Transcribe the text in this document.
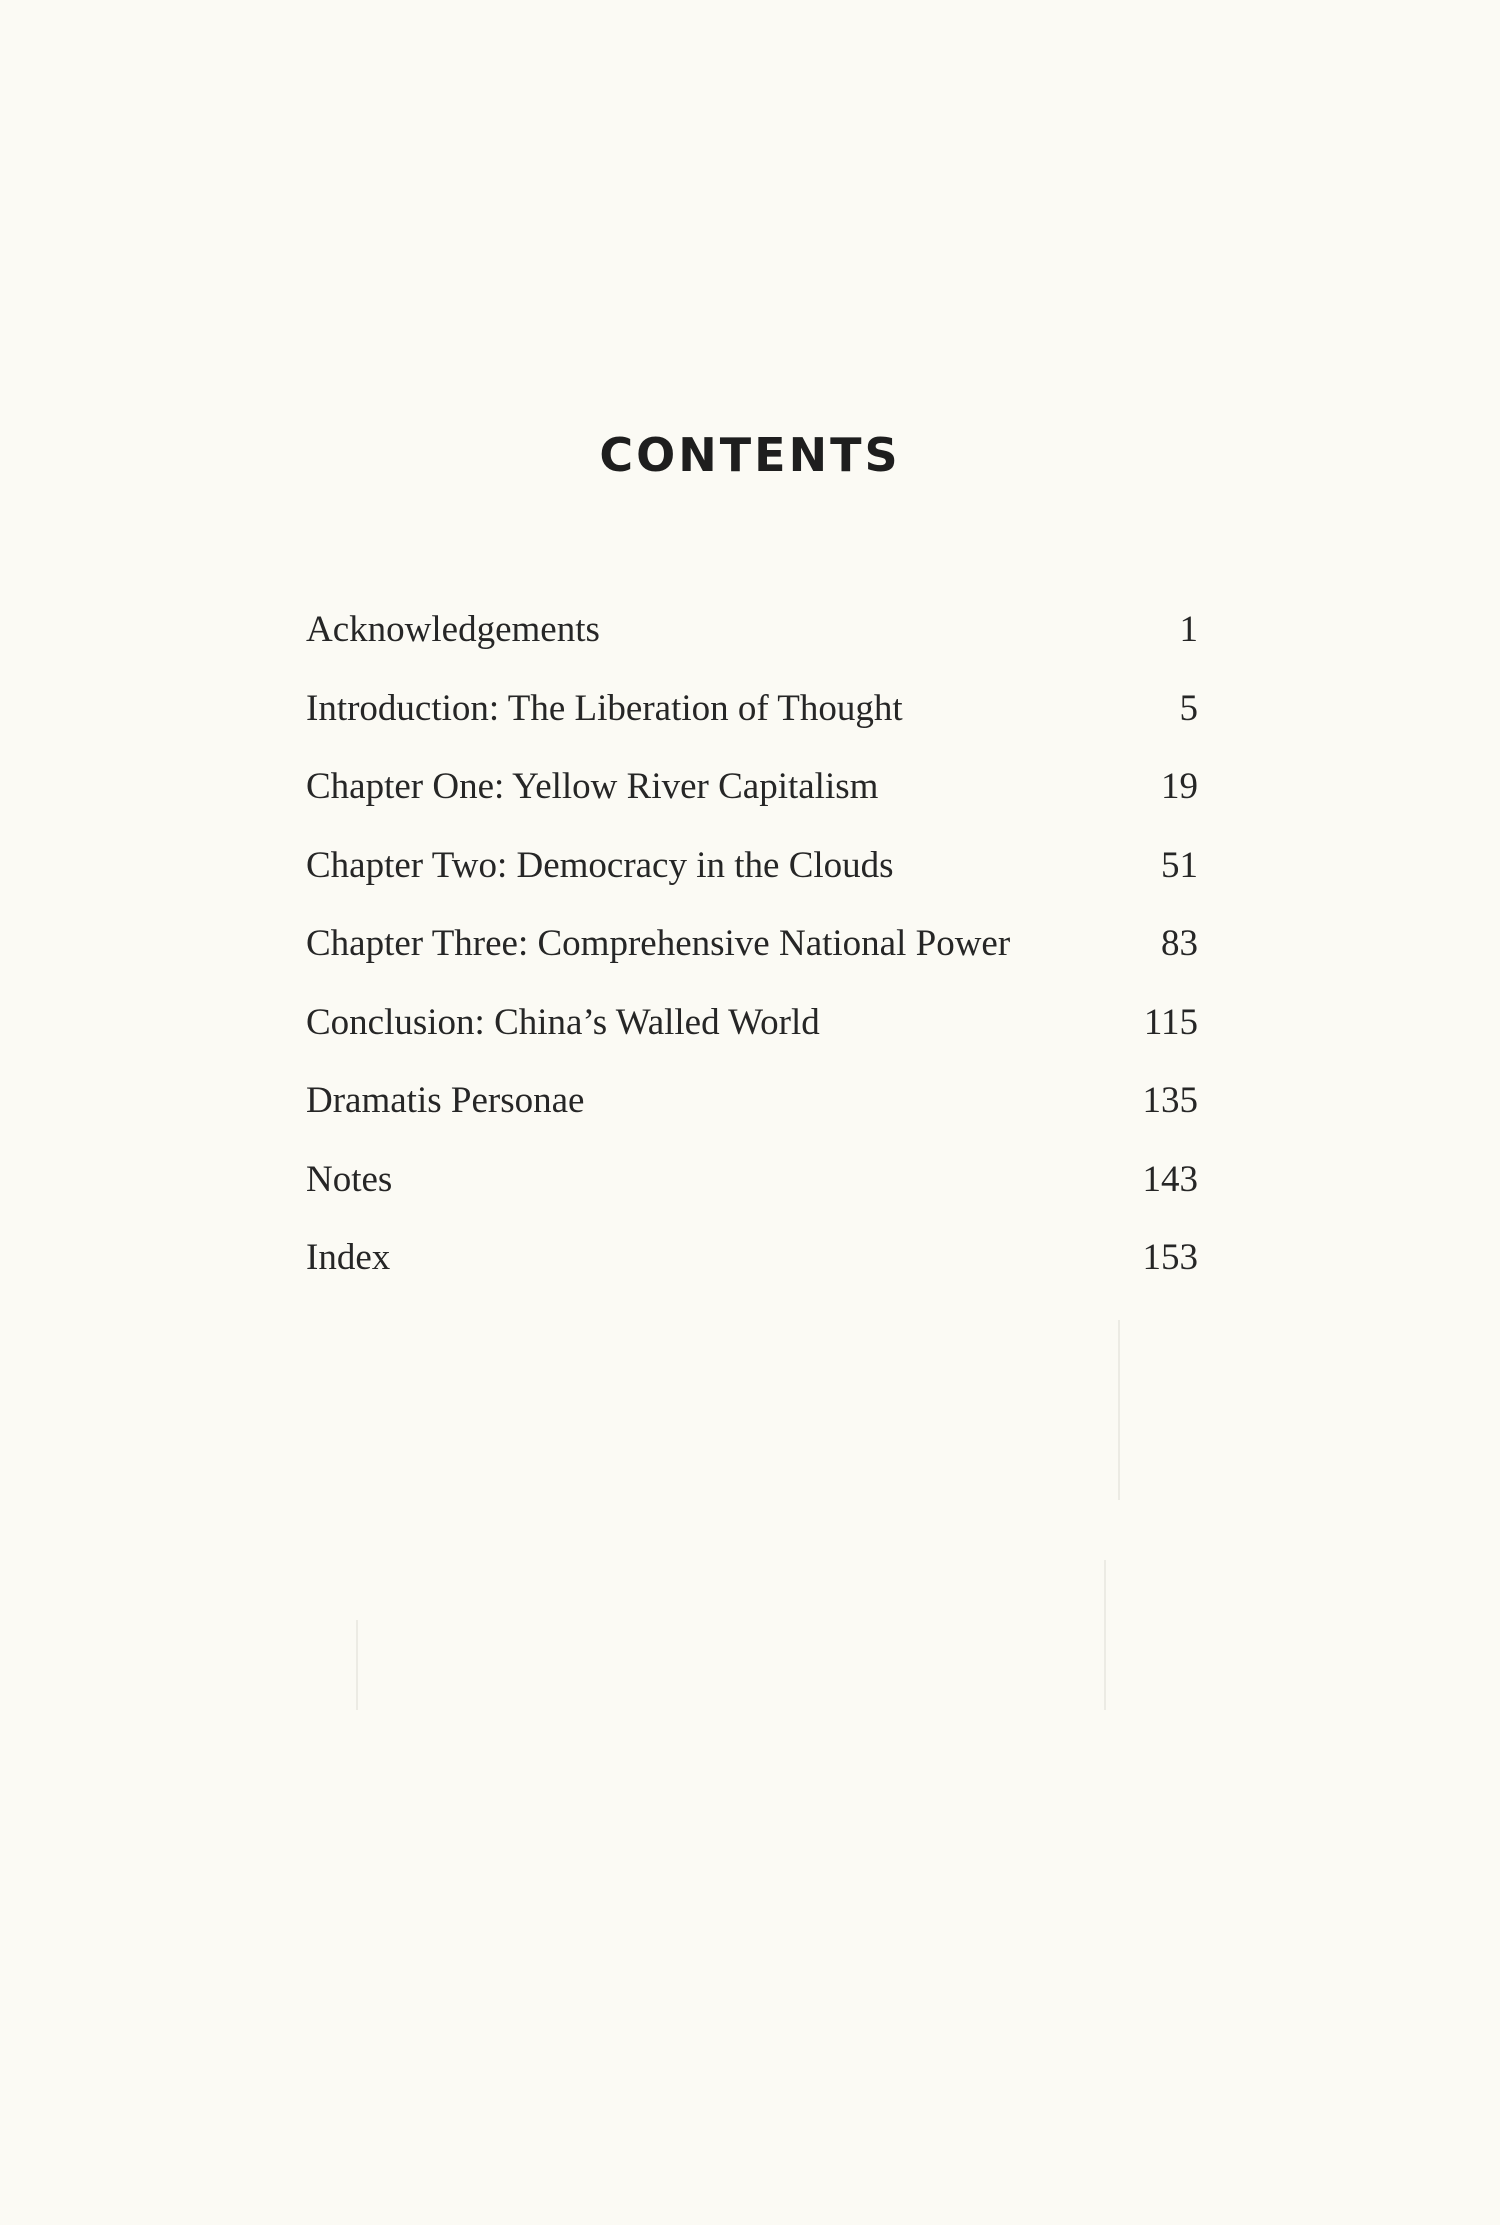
CONTENTS
Acknowledgements	1
Introduction: The Liberation of Thought	5
Chapter One: Yellow River Capitalism	19
Chapter Two: Democracy in the Clouds	51
Chapter Three: Comprehensive National Power	83
Conclusion: China’s Walled World	115
Dramatis Personae	135
Notes	143
Index	153
